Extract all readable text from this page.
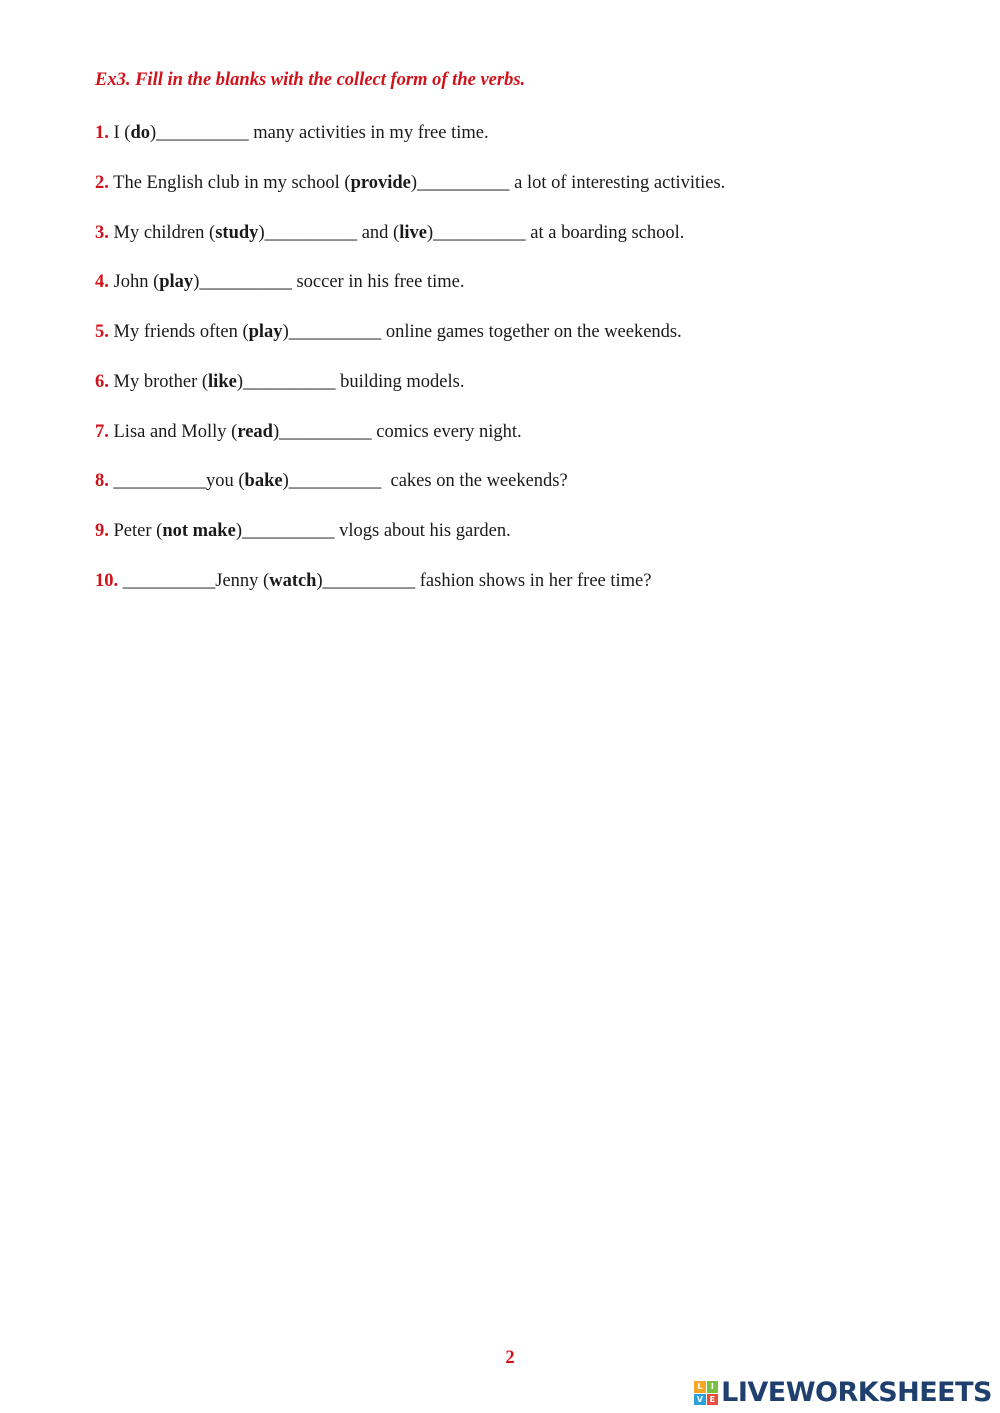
Ex3. Fill in the blanks with the collect form of the verbs.
1. I (do)__________ many activities in my free time.
2. The English club in my school (provide)__________ a lot of interesting activities.
3. My children (study)__________ and (live)__________ at a boarding school.
4. John (play)__________ soccer in his free time.
5. My friends often (play)__________ online games together on the weekends.
6. My brother (like)__________ building models.
7. Lisa and Molly (read)__________ comics every night.
8. __________you (bake)__________  cakes on the weekends?
9. Peter (not make)__________ vlogs about his garden.
10. __________Jenny (watch)__________ fashion shows in her free time?
2
L	I
V E LIVEWORKSHEETS
